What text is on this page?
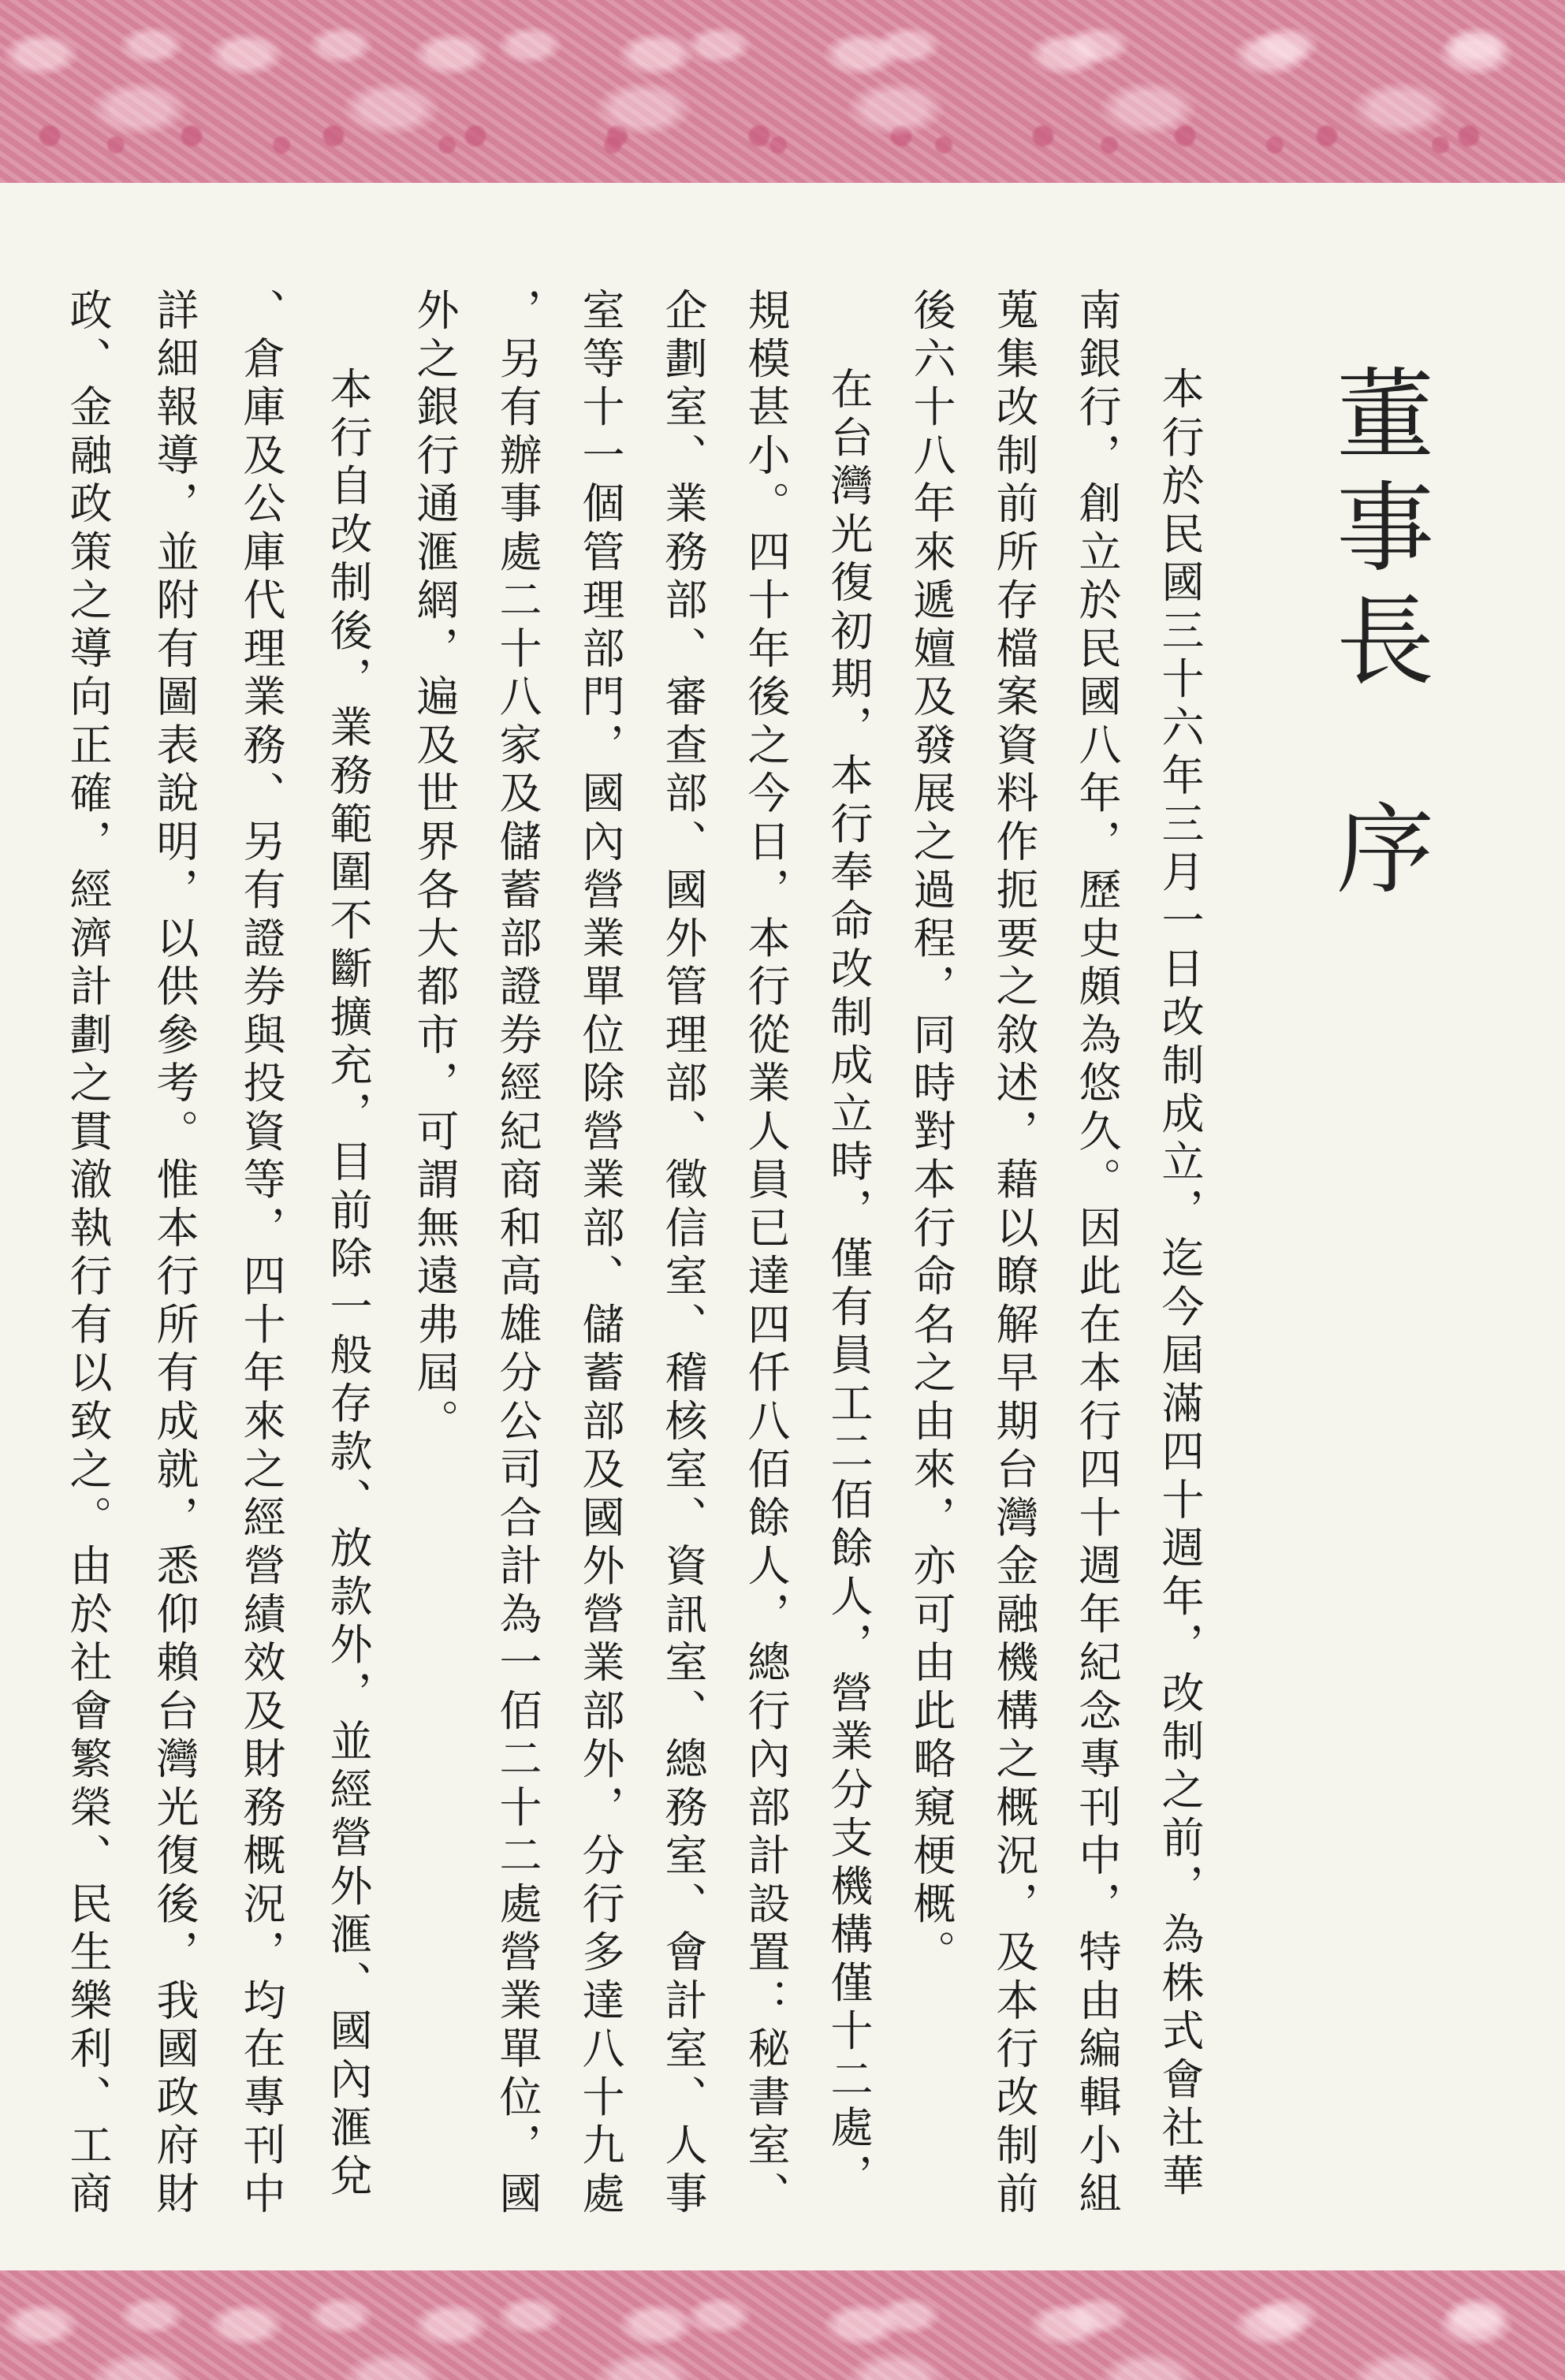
董事長序
本行於民國三十六年三月一日改制成立，迄今屆滿四十週年，改制之前，為株式會社華
南銀行，創立於民國八年，歷史頗為悠久。因此在本行四十週年紀念專刊中，特由編輯小組
蒐集改制前所存檔案資料作扼要之敘述，藉以瞭解早期台灣金融機構之概況，及本行改制前
後六十八年來遞嬗及發展之過程，同時對本行命名之由來，亦可由此略窺梗概。
在台灣光復初期，本行奉命改制成立時，僅有員工二佰餘人，營業分支機構僅十二處，
規模甚小。四十年後之今日，本行從業人員已達四仟八佰餘人，總行內部計設置：秘書室、
企劃室、業務部、審查部、國外管理部、徵信室、稽核室、資訊室、總務室、會計室、人事
室等十一個管理部門，國內營業單位除營業部、儲蓄部及國外營業部外，分行多達八十九處
，另有辦事處二十八家及儲蓄部證券經紀商和高雄分公司合計為一佰二十二處營業單位，國
外之銀行通滙網，遍及世界各大都市，可謂無遠弗屆。
本行自改制後，業務範圍不斷擴充，目前除一般存款、放款外，並經營外滙、國內滙兌
、倉庫及公庫代理業務、另有證券與投資等，四十年來之經營績效及財務概況，均在專刊中
詳細報導，並附有圖表說明，以供參考。惟本行所有成就，悉仰賴台灣光復後，我國政府財
政、金融政策之導向正確，經濟計劃之貫澈執行有以致之。由於社會繁榮、民生樂利、工商
